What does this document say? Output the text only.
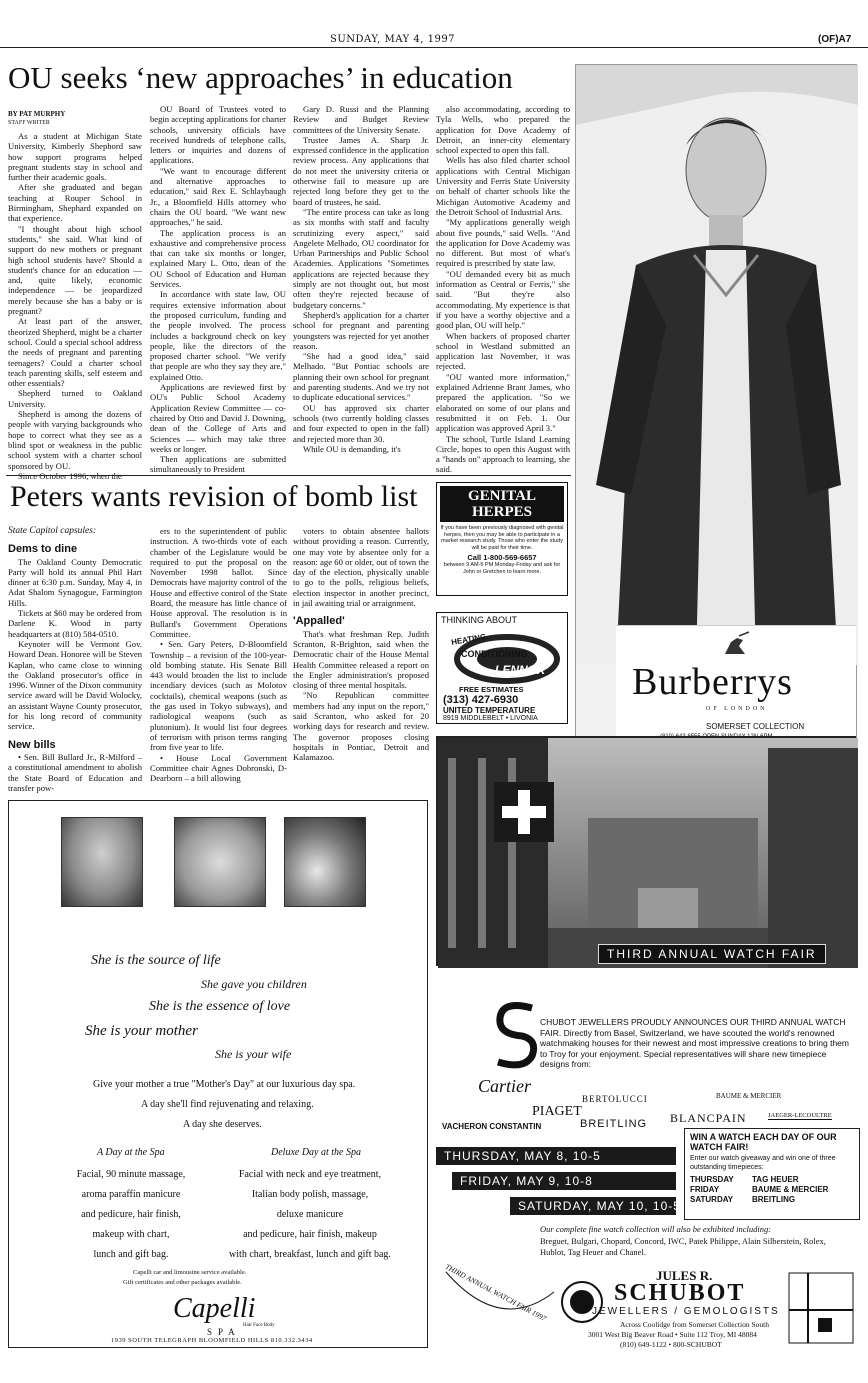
SUNDAY, MAY 4, 1997	(OF)A7
OU seeks ‘new approaches’ in education
BY PAT MURPHY
STAFF WRITER

As a student at Michigan State University, Kimberly Shephord saw how support programs helped pregnant students stay in school and further their academic goals.

After she graduated and began teaching at Rouper School in Birmingham, Shephard expanded on that experience.

"I thought about high school students," she said. What kind of support do new mothers or pregnant high school students have? Should a student's chance for an education — and, quite likely, economic independence — be jeopardized merely because she has a baby or is pregnant?

At least part of the answer, theorized Shepherd, might be a charter school. Could a special school address the needs of pregnant and parenting teenagers? Could a charter school teach parenting skills, self esteem and other essentials?

Shepherd turned to Oakland University.

Shepherd is among the dozens of people with varying backgrounds who hope to correct what they see as a blind spot or weakness in the public school system with a charter school sponsored by OU.

OU Board of Trustees voted to begin accepting applications for charter schools, university officials have received hundreds of telephone calls, letters or inquiries and dozens of applications.

"We want to encourage different and alternative approaches to education," said Rex E. Schlaybaugh Jr., a Bloomfield Hills attorney who chairs the OU board. "We want new approaches," he said.

The application process is an exhaustive and comprehensive process that can take six months or longer, explained Mary L. Otto, dean of the OU School of Education and Human Services.

In accordance with state law, OU requires extensive information about the proposed curriculum, funding and the people involved. The process includes a background check on key people, like the directors of the proposed charter school. "We verify that people are who they say they are," explained Otto.

Applications are reviewed first by OU's Public School Academy Application Review Committee — co-chaired by Otto and David J. Downing, dean of the College of Arts and Sciences — which may take three weeks or longer.

Then applications are submitted simultaneously to President

Gary D. Russi and the Planning Review and Budget Review committees of the University Senate.

Trustee James A. Sharp Jr. expressed confidence in the application review process. Any applications that do not meet the university criteria or otherwise fail to measure up are rejected long before they get to the board of trustees, he said.

"The entire process can take as long as six months with staff and faculty scrutinizing every aspect," said Angelete Melhado, OU coordinator for Urban Partnerships and Public School Academies. Applications "Sometimes applications are rejected because they simply are not thought out, but most often they're rejected because of budgetary concerns."

Shepherd's application for a charter school for pregnant and parenting youngsters was rejected for yet another reason.

"She had a good idea," said Melhado. "But Pontiac schools are planning their own school for pregnant and parenting students. And we try not to duplicate educational services."

OU has approved six charter schools (two currently holding classes and four expected to open in the fall) and rejected more than 30.

While OU is demanding, it's

also accommodating, according to Tyla Wells, who prepared the application for Dove Academy of Detroit, an inner-city elementary school expected to open this fall.

Wells has also filed charter school applications with Central Michigan University and Ferris State University on behalf of charter schools like the Michigan Automotive Academy and the Detroit School of Industrial Arts.

"My applications generally weigh about five pounds," said Wells. "And the application for Dove Academy was no different. But most of what's required is prescribed by state law.

"OU demanded every bit as much information as Central or Ferris," she said. "But they're also accommodating. My experience is that if you have a worthy objective and a good plan, OU will help."

When backers of proposed charter school in Westland submitted an application last November, it was rejected.

"OU wanted more information," explained Adrienne Brant James, who prepared the application. "So we elaborated on some of our plans and resubmitted it on Feb. 1. Our application was approved April 3."

The school, Turtle Island Learning Circle, hopes to open this August with a "hands on" approach to learning, she said.

Burberrys
OF LONDON
SOMERSET COLLECTION
Peters wants revision of bomb list
State Capitol capsules:
Dems to dine

The Oakland County Democratic Party will hold its annual Phil Hart dinner at 6:30 p.m. Sunday, May 4, in Adat Shalom Synagogue, Farmington Hills.

Tickets at $60 may be ordered from Darlene K. Wood in party headquarters at (810) 584-0510.

Keynoter will be Vermont Gov. Howard Dean. Honoree will be Steven Kaplan, who came close to winning the Oakland prosecutor's office in 1996. Winner of the Dixon community service award will be David Wolocky, an assistant Wayne County prosecutor, for his long record of community service.

New bills

• Sen. Bill Bullard Jr., R-Milford – a constitutional amendment to abolish the State Board of Education and transfer pow-

ers to the superintendent of public instruction. A two-thirds vote of each chamber of the Legislature would be required to put the proposal on the November 1998 ballot. Since Democrats have majority control of the House and effective control of the State Board, the measure has little chance of House approval. The resolution is in Bullard's Government Operations Committee.

• Sen. Gary Peters, D-Bloomfield Township – a revision of the 100-year-old bombing statute. His Senate Bill 443 would broaden the list to include incendiary devices (such as Molotov cocktails), chemical weapons (such as the gas used in Tokyo subways), and radiological weapons (such as plutonium). It would list four degrees of terrorism with prison terms ranging from five year to life.

• House Local Government Committee chair Agnes Dobronski, D-Dearborn – a bill allowing

voters to obtain absentee ballots without providing a reason. Currently, one may vote by absentee only for a reason: age 60 or older, out of town the day of the election, physically unable to go to the polls, religious beliefs, election inspector in another precinct, in jail awaiting trial or arraignment.

'Appalled'

That's what freshman Rep. Judith Scranton, R-Brighton, said when the Democratic chair of the House Mental Health Committee released a report on the Engler administration's proposed closing of three mental hospitals.

"No Republican committee members had any input on the report," said Scranton, who asked for 20 working days for research and review. The governor proposes closing hospitals in Pontiac, Detroit and Kalamazoo.

GENITAL
HERPES
If you have been previously diagnosed with genital herpes, then you may be able to participate in a market research study. Those who enter the study will be paid for their time.
Call 1-800-569-6657
between 9 AM-5 PM Monday-Friday and ask for John or Gretchen to learn more.
THINKING ABOUT
HEATING
CONDITIONING
LENNOX
FREE ESTIMATES
(313) 427-6930
UNITED TEMPERATURE
8919 MIDDLEBELT • LIVONIA
THIRD ANNUAL WATCH FAIR
CHUBOT JEWELLERS PROUDLY ANNOUNCES OUR THIRD ANNUAL WATCH FAIR. Directly from Basel, Switzerland, we have scouted the world's renowned watchmaking houses for their newest and most impressive creations to bring them to Troy for your enjoyment. Special representatives will share new timepiece designs from:
Cartier
BERTOLUCCI	BAUME & MERCIER
PIAGET
VACHERON CONSTANTIN	BREITLING BLANCPAIN	JAEGER-LECOULTRE
THURSDAY, MAY 8, 10-5
FRIDAY, MAY 9, 10-8
SATURDAY, MAY 10, 10-5
WIN A WATCH EACH DAY OF OUR WATCH FAIR!
Enter our watch giveaway and win one of three outstanding timepieces:
THURSDAY	TAG HEUER
FRIDAY	BAUME & MERCIER
SATURDAY	BREITLING
Our complete fine watch collection will also be exhibited including:
Breguet, Bulgari, Chopard, Concord, IWC, Patek Philippe, Alain Silberstein, Rolex, Hublot, Tag Heuer and Chanel.
THIRD ANNUAL WATCH FAIR 1997	JULES R.
SCHUBOT
JEWELLERS / GEMOLOGISTS
Across Coolidge from Somerset Collection South
3001 West Big Beaver Road • Suite 112 Troy, MI 48084
(810) 649-1122 • 800-SCHUBOT
She is the source of life
She gave you children
She is the essence of love
She is your mother
She is your wife
Give your mother a true "Mother's Day" at our luxurious day spa.
A day she'll find rejuvenating and relaxing.
A day she deserves.
A Day at the Spa
Facial, 90 minute massage,
aroma paraffin manicure
and pedicure, hair finish,
makeup with chart,
lunch and gift bag.
Deluxe Day at the Spa
Facial with neck and eye treatment,
Italian body polish, massage,
deluxe manicure
and pedicure, hair finish, makeup
with chart, breakfast, lunch and gift bag.
Capelli car and limousine service available.
Gift certificates and other packages available.
Capelli
Hair Face Body
SPA
1939 SOUTH TELEGRAPH BLOOMFIELD HILLS 810.332.3434
